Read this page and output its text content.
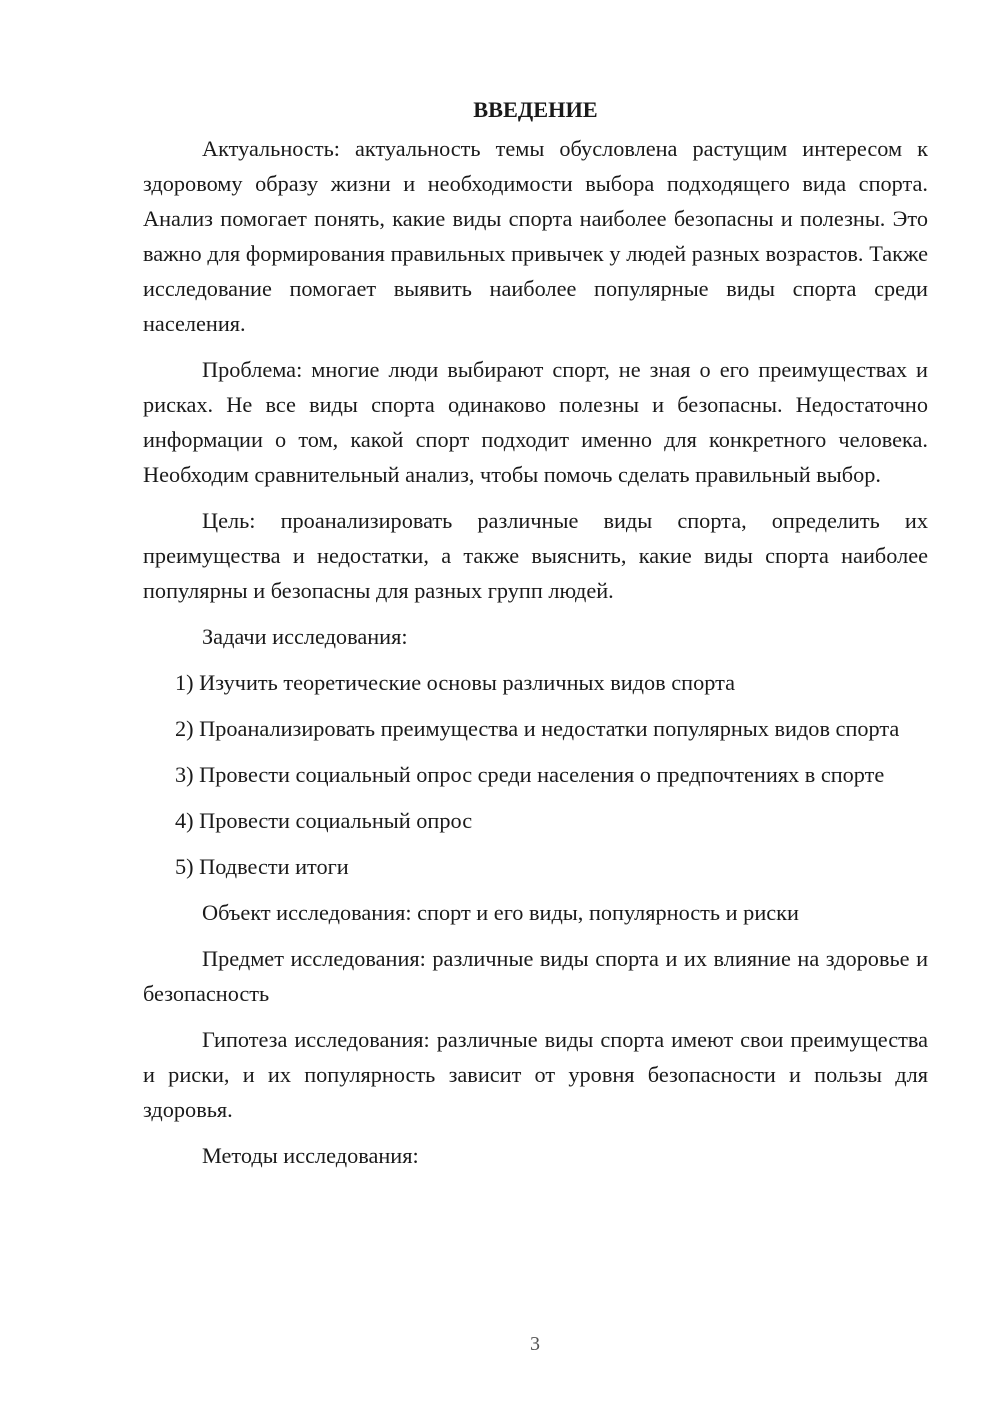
ВВЕДЕНИЕ

Актуальность: актуальность темы обусловлена растущим интересом к здоровому образу жизни и необходимости выбора подходящего вида спорта. Анализ помогает понять, какие виды спорта наиболее безопасны и полезны. Это важно для формирования правильных привычек у людей разных возрастов. Также исследование помогает выявить наиболее популярные виды спорта среди населения.

Проблема: многие люди выбирают спорт, не зная о его преимуществах и рисках. Не все виды спорта одинаково полезны и безопасны. Недостаточно информации о том, какой спорт подходит именно для конкретного человека. Необходим сравнительный анализ, чтобы помочь сделать правильный выбор.

Цель: проанализировать различные виды спорта, определить их преимущества и недостатки, а также выяснить, какие виды спорта наиболее популярны и безопасны для разных групп людей.

Задачи исследования:

1) Изучить теоретические основы различных видов спорта

2) Проанализировать преимущества и недостатки популярных видов спорта

3) Провести социальный опрос среди населения о предпочтениях в спорте

4) Провести социальный опрос

5) Подвести итоги

Объект исследования: спорт и его виды, популярность и риски

Предмет исследования: различные виды спорта и их влияние на здоровье и безопасность

Гипотеза исследования: различные виды спорта имеют свои преимущества и риски, и их популярность зависит от уровня безопасности и пользы для здоровья.

Методы исследования:

3
